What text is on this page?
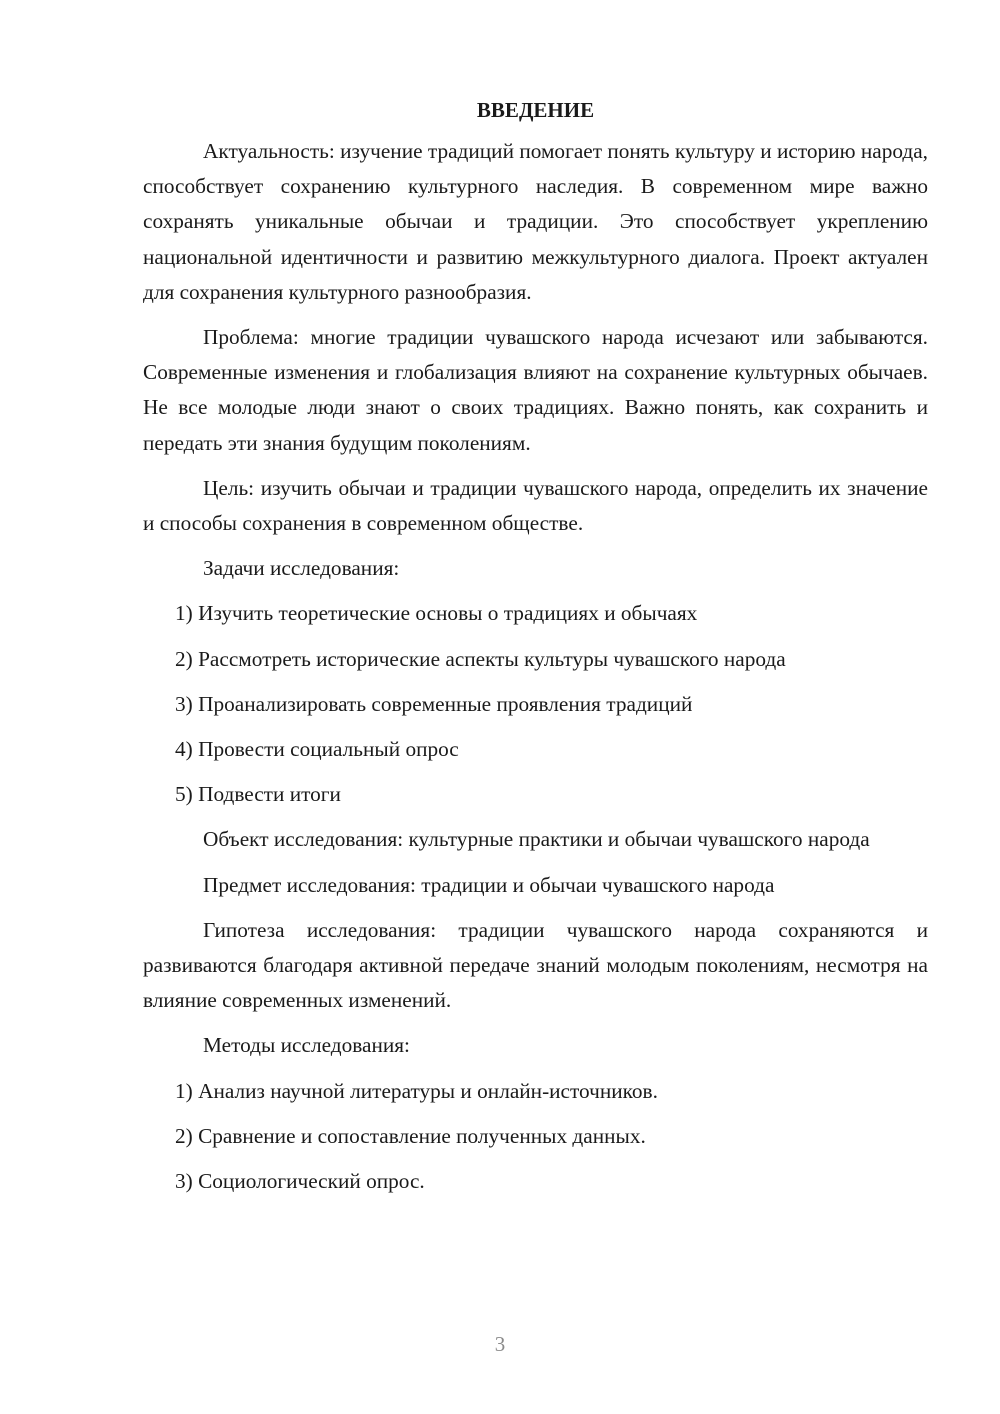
ВВЕДЕНИЕ
Актуальность: изучение традиций помогает понять культуру и историю народа, способствует сохранению культурного наследия. В современном мире важно сохранять уникальные обычаи и традиции. Это способствует укреплению национальной идентичности и развитию межкультурного диалога. Проект актуален для сохранения культурного разнообразия.
Проблема: многие традиции чувашского народа исчезают или забываются. Современные изменения и глобализация влияют на сохранение культурных обычаев. Не все молодые люди знают о своих традициях. Важно понять, как сохранить и передать эти знания будущим поколениям.
Цель: изучить обычаи и традиции чувашского народа, определить их значение и способы сохранения в современном обществе.
Задачи исследования:
1) Изучить теоретические основы о традициях и обычаях
2) Рассмотреть исторические аспекты культуры чувашского народа
3) Проанализировать современные проявления традиций
4) Провести социальный опрос
5) Подвести итоги
Объект исследования: культурные практики и обычаи чувашского народа
Предмет исследования: традиции и обычаи чувашского народа
Гипотеза исследования: традиции чувашского народа сохраняются и развиваются благодаря активной передаче знаний молодым поколениям, несмотря на влияние современных изменений.
Методы исследования:
1) Анализ научной литературы и онлайн-источников.
2) Сравнение и сопоставление полученных данных.
3) Социологический опрос.
3
